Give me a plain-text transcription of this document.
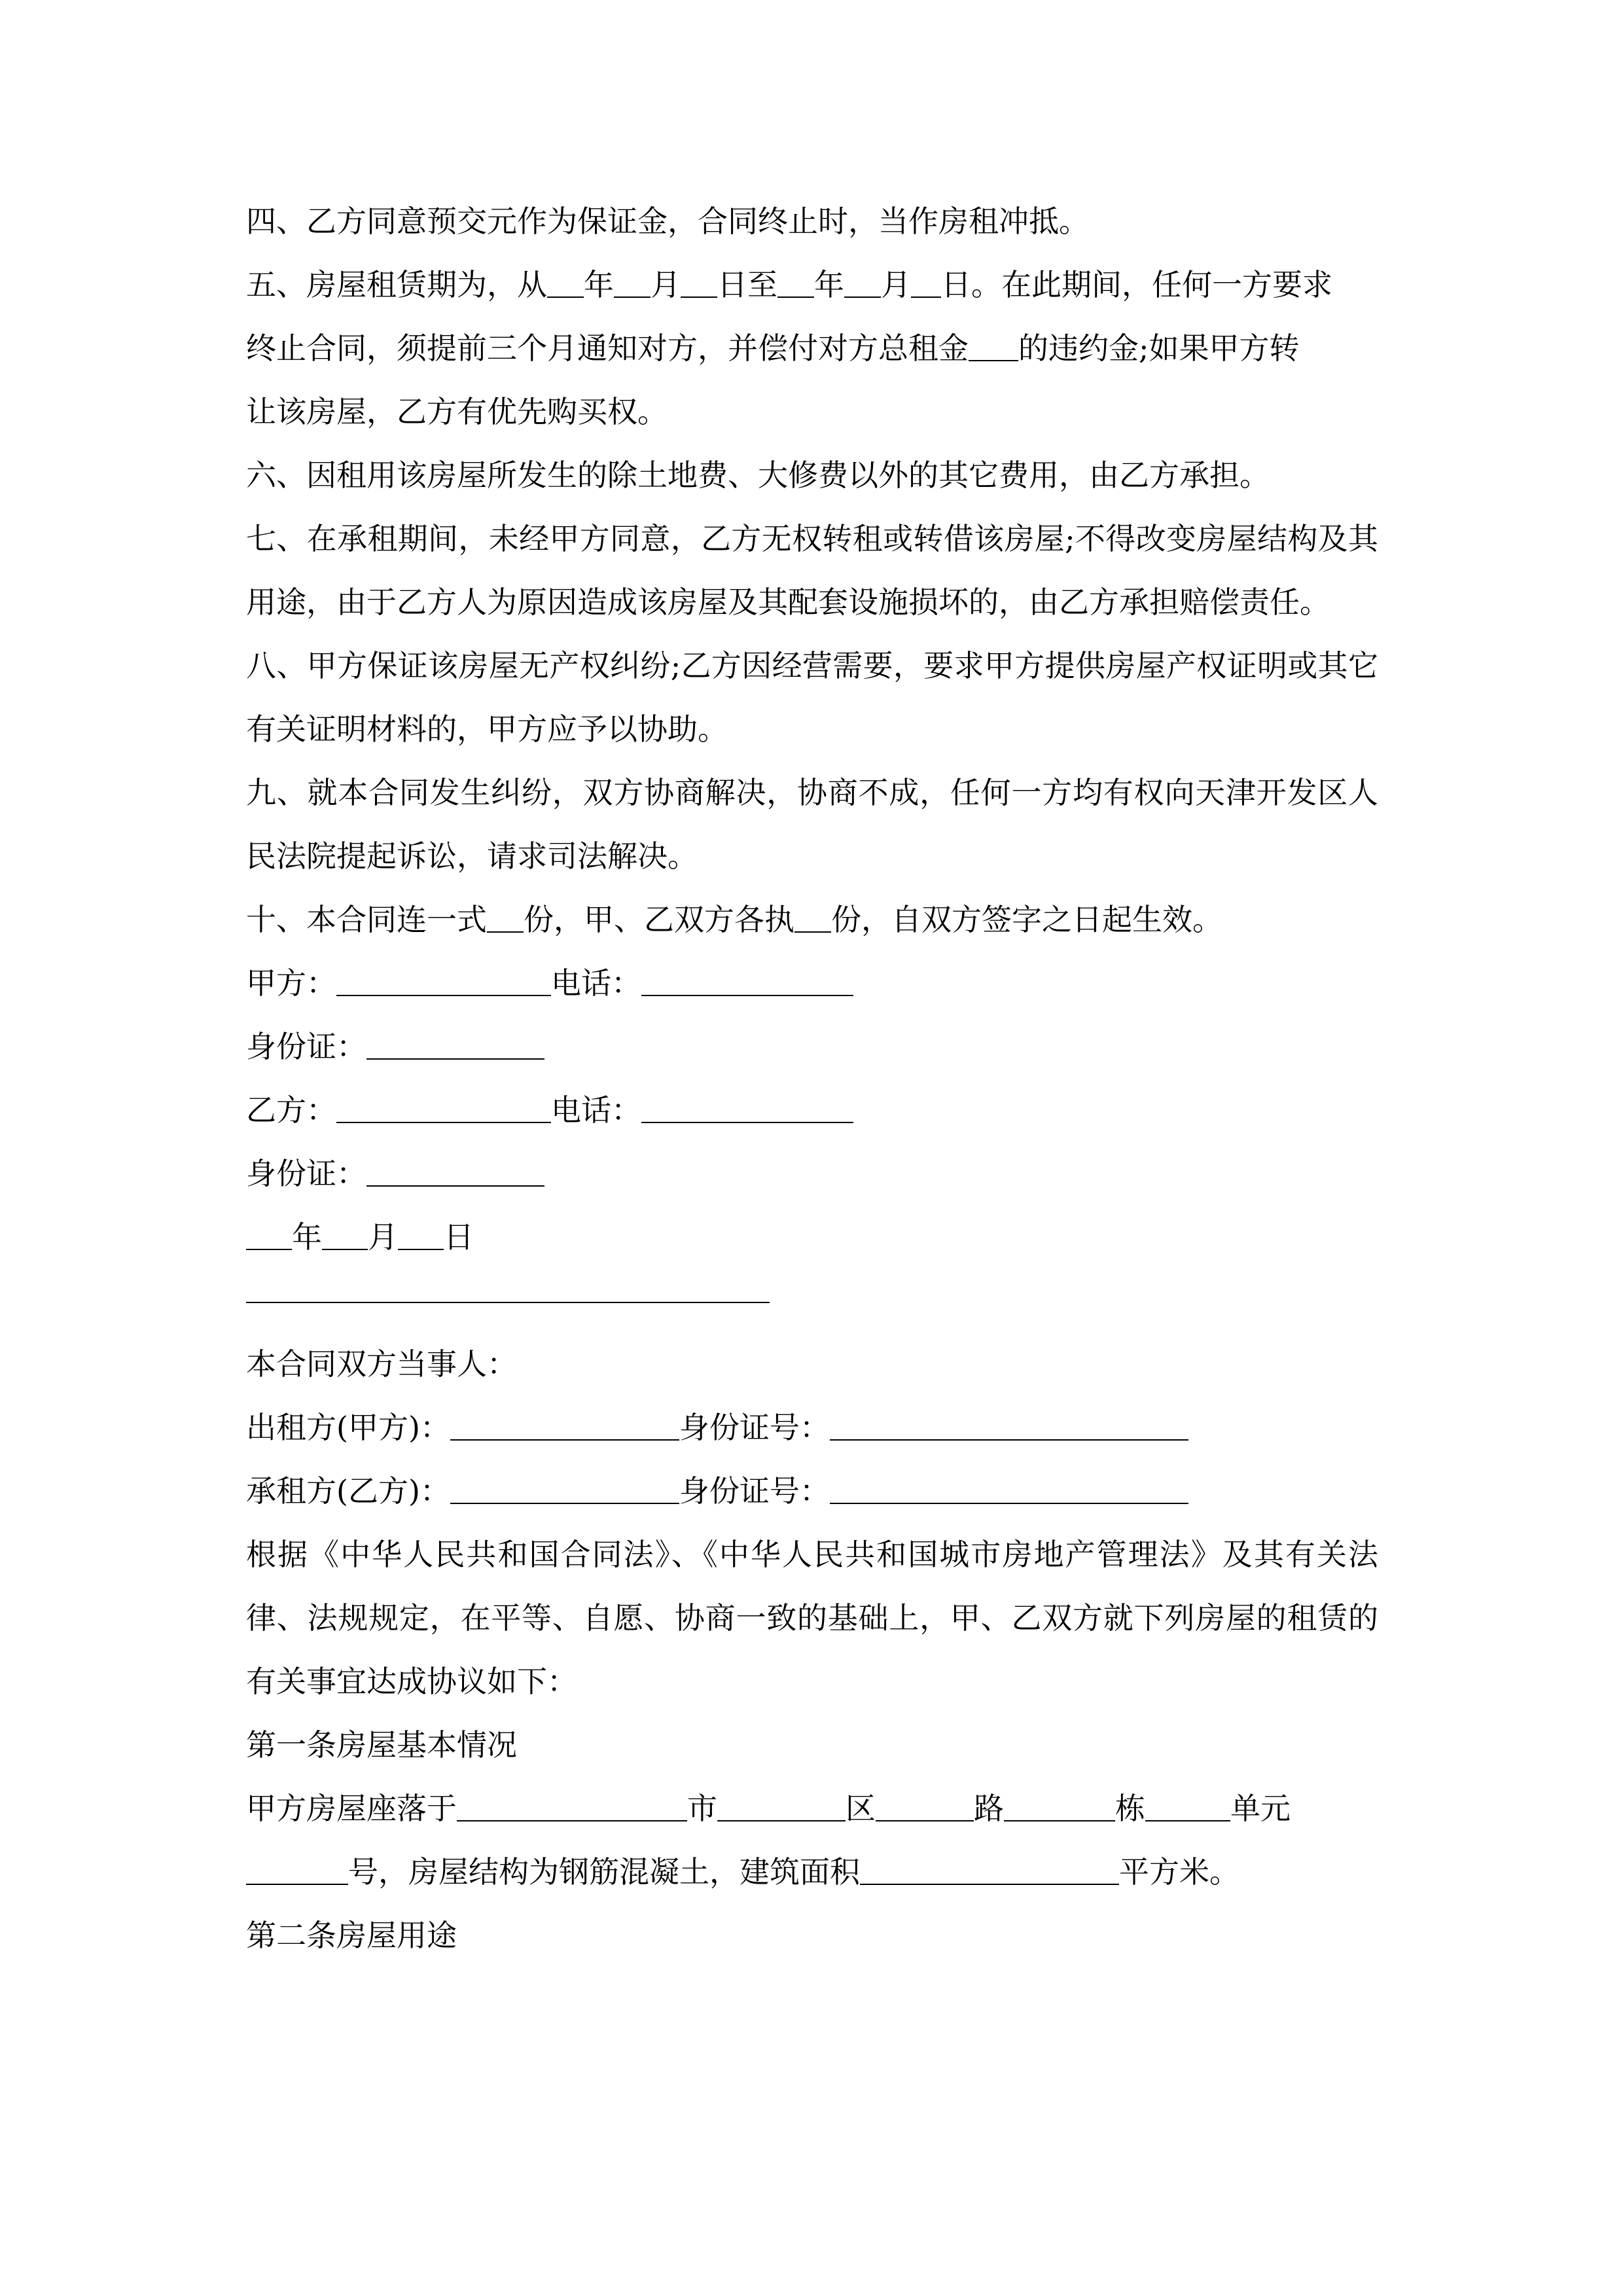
四、乙方同意预交元作为保证金，合同终止时，当作房租冲抵。
五、房屋租赁期为，从 年 月 日至 年 月 日。在此期间，任何一方要求
终止合同，须提前三个月通知对方，并偿付对方总租金 的违约金;如果甲方转
让该房屋，乙方有优先购买权。
六、因租用该房屋所发生的除土地费、大修费以外的其它费用，由乙方承担。
七、在承租期间，未经甲方同意，乙方无权转租或转借该房屋;不得改变房屋结构及其用途，由于乙方人为原因造成该房屋及其配套设施损坏的，由乙方承担赔偿责任。
八、甲方保证该房屋无产权纠纷;乙方因经营需要，要求甲方提供房屋产权证明或其它有关证明材料的，甲方应予以协助。
九、就本合同发生纠纷，双方协商解决，协商不成，任何一方均有权向天津开发区人民法院提起诉讼，请求司法解决。
十、本合同连一式 份，甲、乙双方各执 份，自双方签字之日起生效。
甲方：	电话：
身份证：
乙方：	电话：
身份证：
年 月 日
本合同双方当事人：
出租方(甲方)：	身份证号：
承租方(乙方)：	身份证号：
根据《中华人民共和国合同法》、《中华人民共和国城市房地产管理法》及其有关法律、法规规定，在平等、自愿、协商一致的基础上，甲、乙双方就下列房屋的租赁的有关事宜达成协议如下：
第一条房屋基本情况
甲方房屋座落于	市	区	路	栋	单元
号，房屋结构为钢筋混凝土，建筑面积	平方米。
第二条房屋用途
